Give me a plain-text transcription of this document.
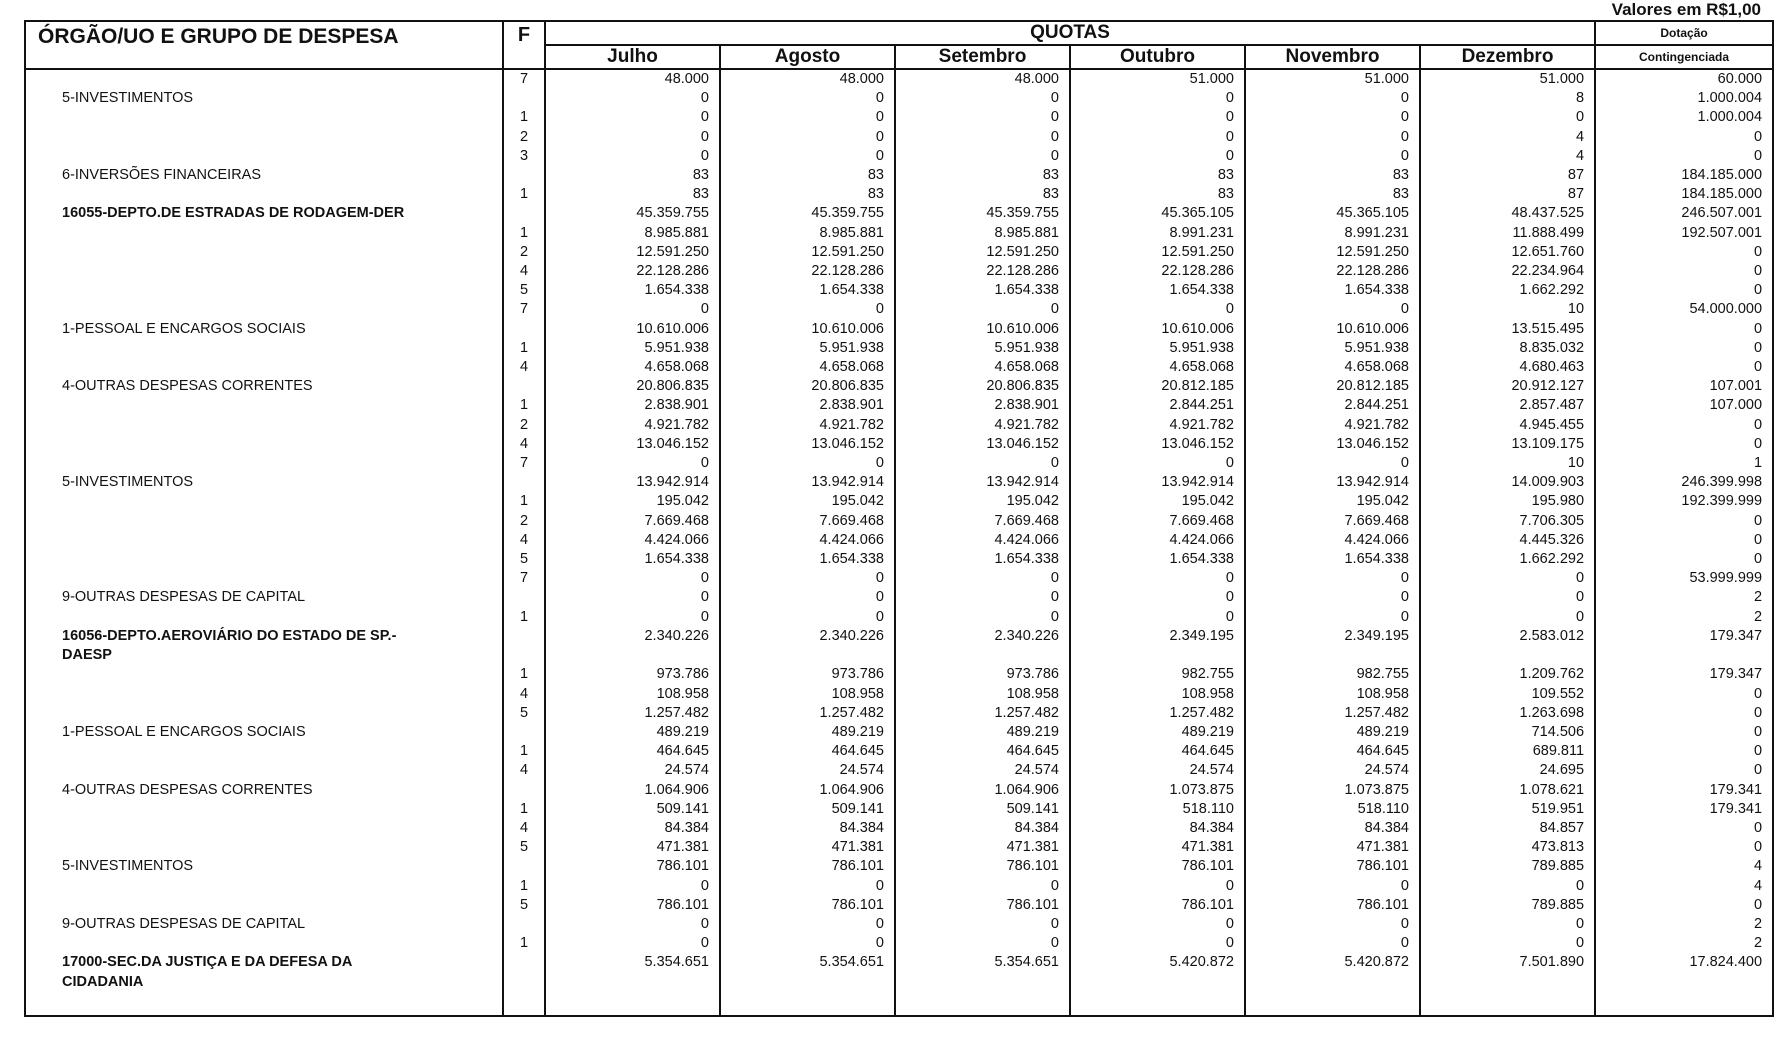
Valores em R$1,00
ÓRGÃO/UO E GRUPO DE DESPESA	F	QUOTAS						Dotação
		Julho	Agosto	Setembro	Outubro	Novembro	Dezembro	Contingenciada
	7	48.000	48.000	48.000	51.000	51.000	51.000	60.000
5-INVESTIMENTOS		0	0	0	0	0	8	1.000.004
	1	0	0	0	0	0	0	1.000.004
	2	0	0	0	0	0	4	0
	3	0	0	0	0	0	4	0
6-INVERSÕES FINANCEIRAS		83	83	83	83	83	87	184.185.000
	1	83	83	83	83	83	87	184.185.000
16055-DEPTO.DE ESTRADAS DE RODAGEM-DER		45.359.755	45.359.755	45.359.755	45.365.105	45.365.105	48.437.525	246.507.001
	1	8.985.881	8.985.881	8.985.881	8.991.231	8.991.231	11.888.499	192.507.001
	2	12.591.250	12.591.250	12.591.250	12.591.250	12.591.250	12.651.760	0
	4	22.128.286	22.128.286	22.128.286	22.128.286	22.128.286	22.234.964	0
	5	1.654.338	1.654.338	1.654.338	1.654.338	1.654.338	1.662.292	0
	7	0	0	0	0	0	10	54.000.000
1-PESSOAL E ENCARGOS SOCIAIS		10.610.006	10.610.006	10.610.006	10.610.006	10.610.006	13.515.495	0
	1	5.951.938	5.951.938	5.951.938	5.951.938	5.951.938	8.835.032	0
	4	4.658.068	4.658.068	4.658.068	4.658.068	4.658.068	4.680.463	0
4-OUTRAS DESPESAS CORRENTES		20.806.835	20.806.835	20.806.835	20.812.185	20.812.185	20.912.127	107.001
	1	2.838.901	2.838.901	2.838.901	2.844.251	2.844.251	2.857.487	107.000
	2	4.921.782	4.921.782	4.921.782	4.921.782	4.921.782	4.945.455	0
	4	13.046.152	13.046.152	13.046.152	13.046.152	13.046.152	13.109.175	0
	7	0	0	0	0	0	10	1
5-INVESTIMENTOS		13.942.914	13.942.914	13.942.914	13.942.914	13.942.914	14.009.903	246.399.998
	1	195.042	195.042	195.042	195.042	195.042	195.980	192.399.999
	2	7.669.468	7.669.468	7.669.468	7.669.468	7.669.468	7.706.305	0
	4	4.424.066	4.424.066	4.424.066	4.424.066	4.424.066	4.445.326	0
	5	1.654.338	1.654.338	1.654.338	1.654.338	1.654.338	1.662.292	0
	7	0	0	0	0	0	0	53.999.999
9-OUTRAS DESPESAS DE CAPITAL		0	0	0	0	0	0	2
	1	0	0	0	0	0	0	2
16056-DEPTO.AEROVIÁRIO DO ESTADO DE SP.-		2.340.226	2.340.226	2.340.226	2.349.195	2.349.195	2.583.012	179.347
DAESP								
	1	973.786	973.786	973.786	982.755	982.755	1.209.762	179.347
	4	108.958	108.958	108.958	108.958	108.958	109.552	0
	5	1.257.482	1.257.482	1.257.482	1.257.482	1.257.482	1.263.698	0
1-PESSOAL E ENCARGOS SOCIAIS		489.219	489.219	489.219	489.219	489.219	714.506	0
	1	464.645	464.645	464.645	464.645	464.645	689.811	0
	4	24.574	24.574	24.574	24.574	24.574	24.695	0
4-OUTRAS DESPESAS CORRENTES		1.064.906	1.064.906	1.064.906	1.073.875	1.073.875	1.078.621	179.341
	1	509.141	509.141	509.141	518.110	518.110	519.951	179.341
	4	84.384	84.384	84.384	84.384	84.384	84.857	0
	5	471.381	471.381	471.381	471.381	471.381	473.813	0
5-INVESTIMENTOS		786.101	786.101	786.101	786.101	786.101	789.885	4
	1	0	0	0	0	0	0	4
	5	786.101	786.101	786.101	786.101	786.101	789.885	0
9-OUTRAS DESPESAS DE CAPITAL		0	0	0	0	0	0	2
	1	0	0	0	0	0	0	2
17000-SEC.DA JUSTIÇA E DA DEFESA DA		5.354.651	5.354.651	5.354.651	5.420.872	5.420.872	7.501.890	17.824.400
CIDADANIA								
